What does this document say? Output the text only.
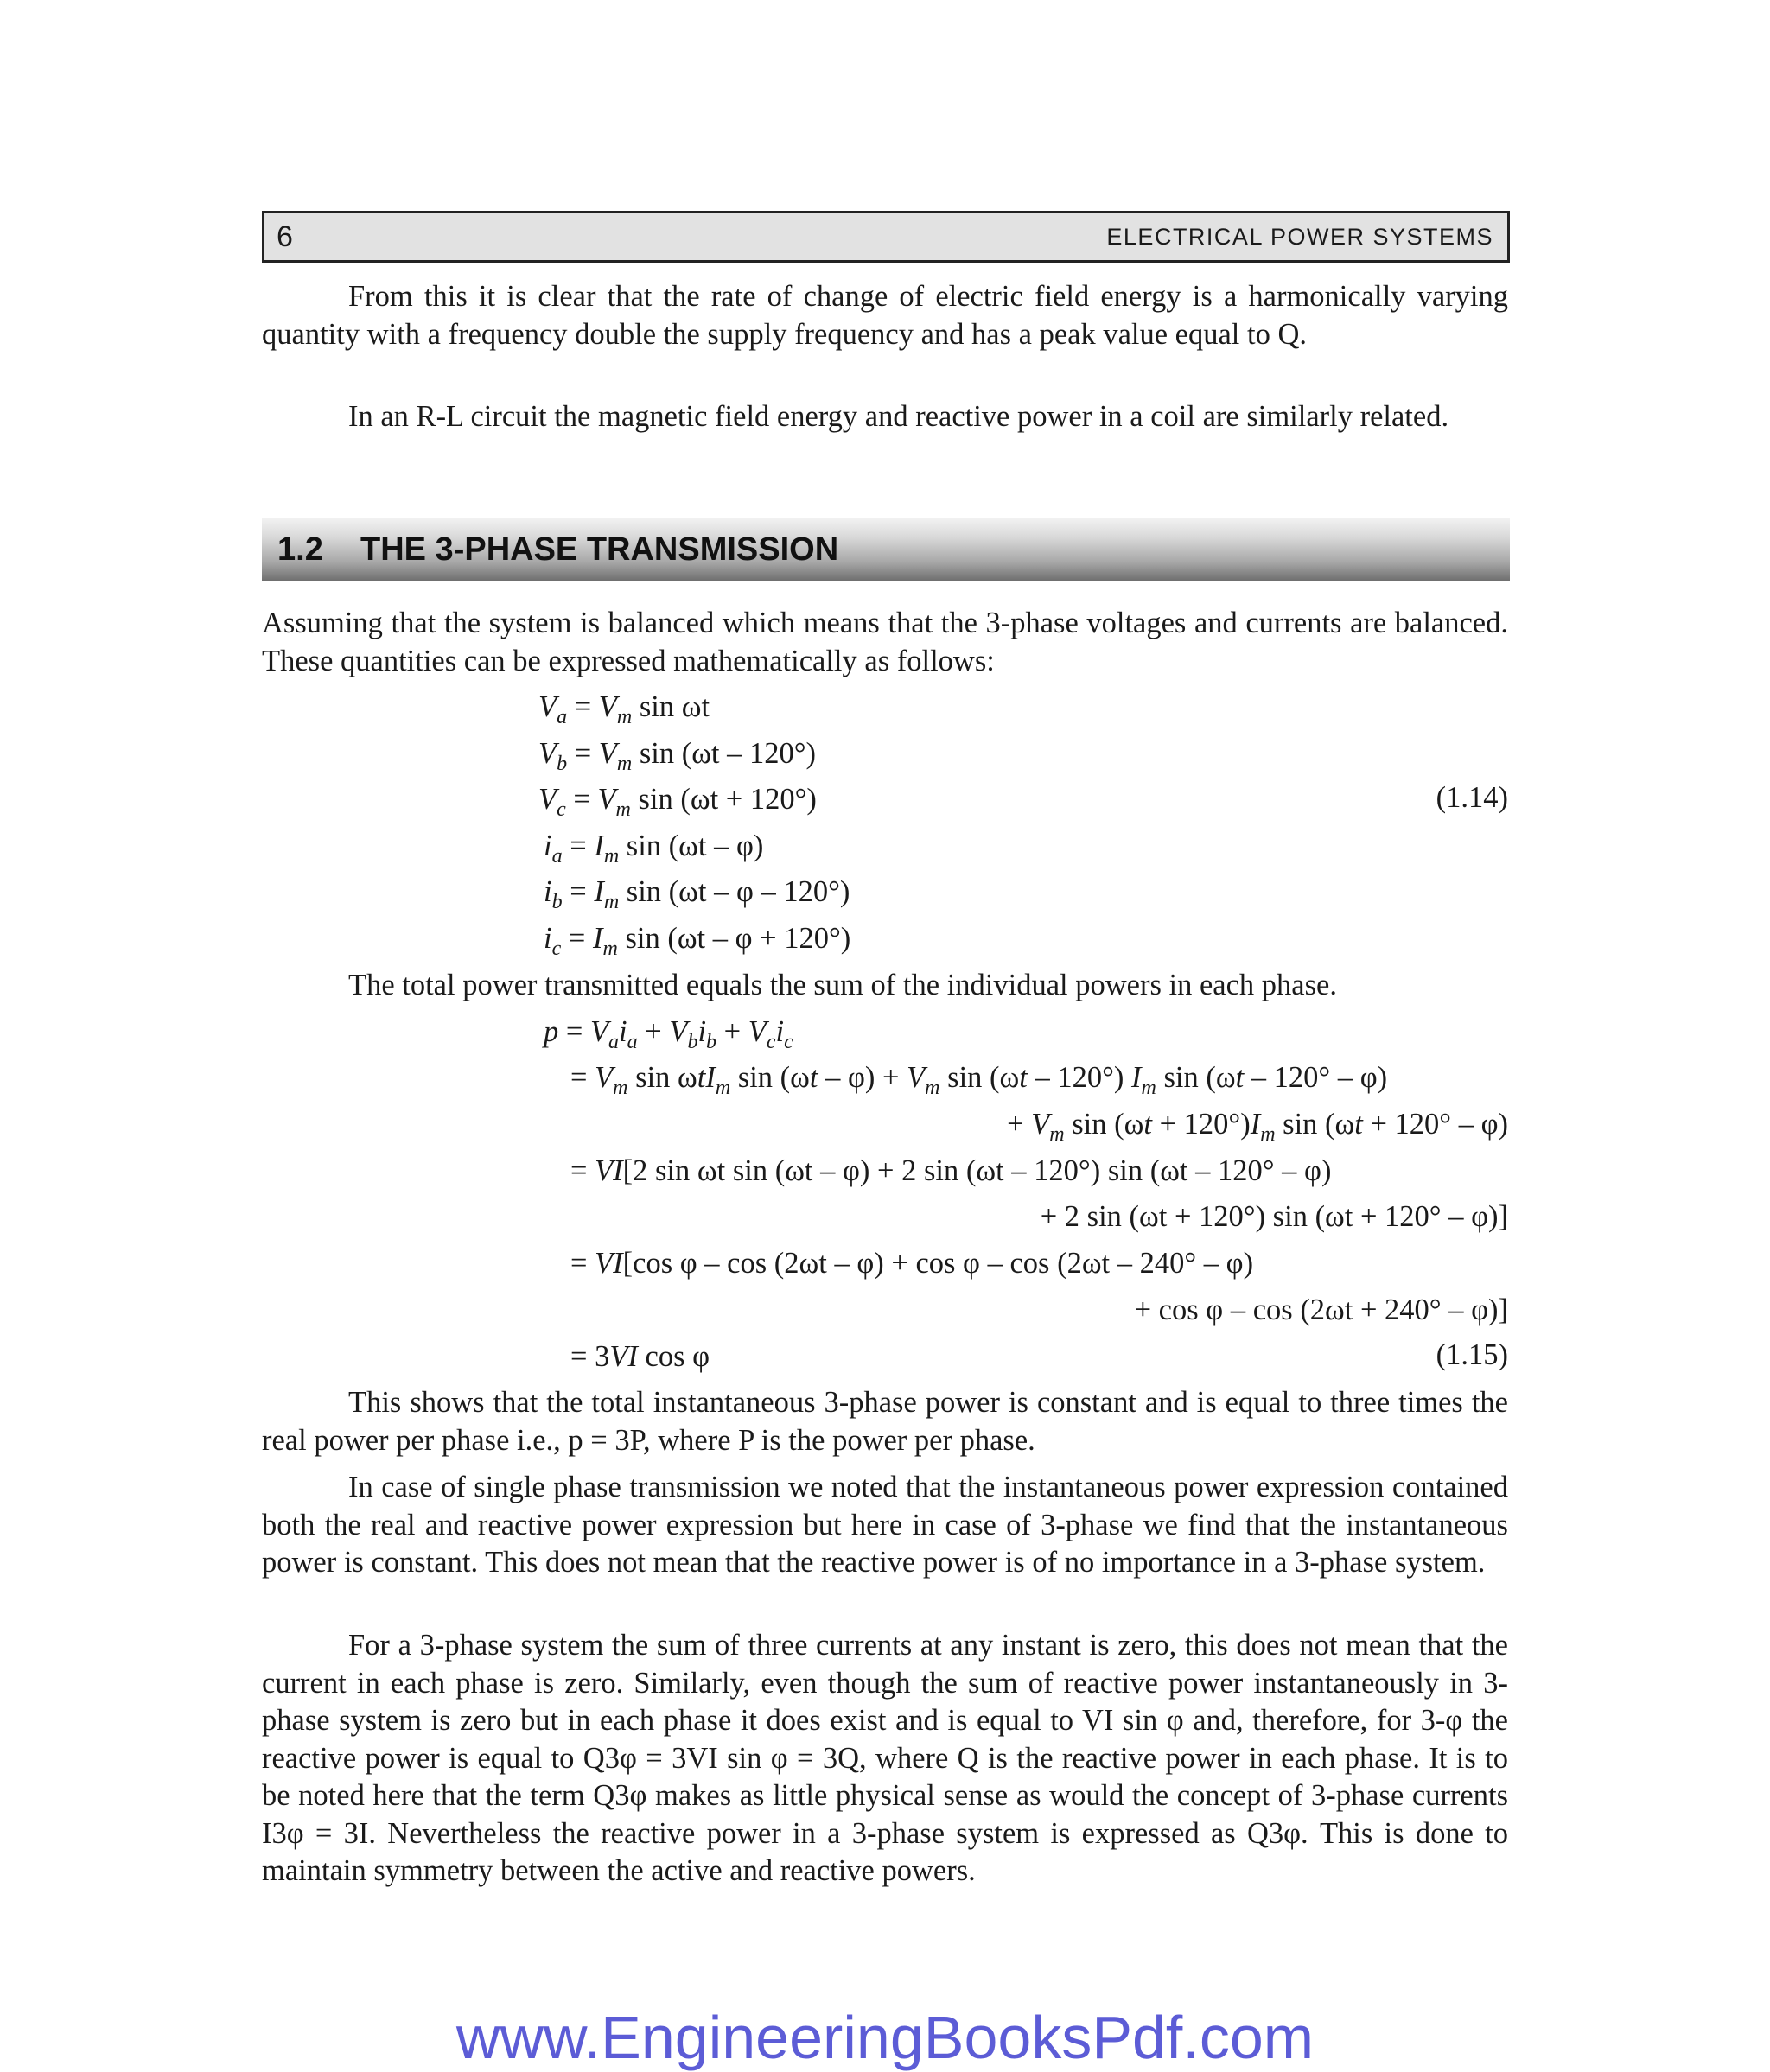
6	ELECTRICAL POWER SYSTEMS
From this it is clear that the rate of change of electric field energy is a harmonically varying quantity with a frequency double the supply frequency and has a peak value equal to Q.
In an R-L circuit the magnetic field energy and reactive power in a coil are similarly related.
1.2	THE 3-PHASE TRANSMISSION
Assuming that the system is balanced which means that the 3-phase voltages and currents are balanced. These quantities can be expressed mathematically as follows:
$V_a = V_m$ sin ωt
$V_b = V_m$ sin (ωt – 120°)
$V_c = V_m$ sin (ωt + 120°)	(1.14)
$i_a = I_m$ sin (ωt – φ)
$i_b = I_m$ sin (ωt – φ – 120°)
$i_c = I_m$ sin (ωt – φ + 120°)
The total power transmitted equals the sum of the individual powers in each phase.
$p = V_ai_a + V_bi_b + V_ci_c$
= $V_m$ sin ωtI$_m$ $\sin (\omega t - \varphi) + V_m$ sin (ωt – 120°) $I_m$ sin (ωt – 120° – φ)
+ $V_m$ $\sin (\omega t + 120^\circ)I_m$ sin (ωt + 120° – φ)
= VI[2 sin ωt sin (ωt – φ) + 2 sin (ωt – 120°) sin (ωt – 120° – φ)
+ 2 sin (ωt + 120°) sin (ωt + 120° – φ)]
= VI[cos φ – cos (2ωt – φ) + cos φ – cos (2ωt – 240° – φ)
+ cos φ – cos (2ωt + 240° – φ)]
= 3VI cos φ	(1.15)
This shows that the total instantaneous 3-phase power is constant and is equal to three times the real power per phase i.e., p = 3P, where P is the power per phase.
In case of single phase transmission we noted that the instantaneous power expression contained both the real and reactive power expression but here in case of 3-phase we find that the instantaneous power is constant. This does not mean that the reactive power is of no importance in a 3-phase system.
For a 3-phase system the sum of three currents at any instant is zero, this does not mean that the current in each phase is zero. Similarly, even though the sum of reactive power instantaneously in 3-phase system is zero but in each phase it does exist and is equal to VI sin φ and, therefore, for 3-φ the reactive power is equal to Q3φ = 3VI sin φ = 3Q, where Q is the reactive power in each phase. It is to be noted here that the term Q3φ makes as little physical sense as would the concept of 3-phase currents I3φ = 3I. Nevertheless the reactive power in a 3-phase system is expressed as Q3φ. This is done to maintain symmetry between the active and reactive powers.
www.EngineeringBooksPdf.com
